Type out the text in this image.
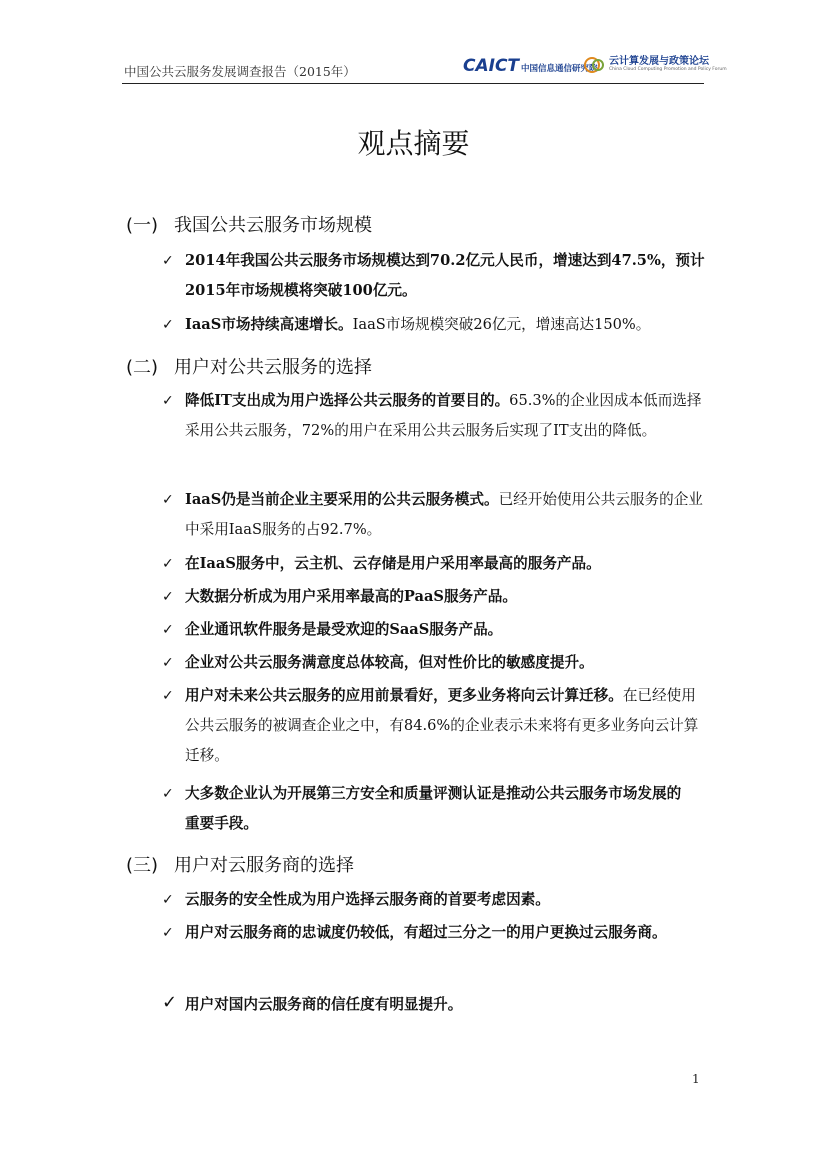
中国公共云服务发展调查报告（2015年）	CAICT 中国信息通信研究院
云计算发展与政策论坛
China Cloud Computing Promotion and Policy Forum
观点摘要
(一) 我国公共云服务市场规模
✓ 2014年我国公共云服务市场规模达到70.2亿元人民币，增速达到47.5%，预计2015年市场规模将突破100亿元。
✓ IaaS市场持续高速增长。IaaS市场规模突破26亿元，增速高达150%。
(二) 用户对公共云服务的选择
✓ 降低IT支出成为用户选择公共云服务的首要目的。65.3%的企业因成本低而选择采用公共云服务，72%的用户在采用公共云服务后实现了IT支出的降低。
✓ IaaS仍是当前企业主要采用的公共云服务模式。已经开始使用公共云服务的企业中采用IaaS服务的占92.7%。
✓ 在IaaS服务中，云主机、云存储是用户采用率最高的服务产品。
✓ 大数据分析成为用户采用率最高的PaaS服务产品。
✓ 企业通讯软件服务是最受欢迎的SaaS服务产品。
✓ 企业对公共云服务满意度总体较高，但对性价比的敏感度提升。
✓ 用户对未来公共云服务的应用前景看好，更多业务将向云计算迁移。在已经使用公共云服务的被调查企业之中，有84.6%的企业表示未来将有更多业务向云计算迁移。
✓ 大多数企业认为开展第三方安全和质量评测认证是推动公共云服务市场发展的重要手段。
(三) 用户对云服务商的选择
✓ 云服务的安全性成为用户选择云服务商的首要考虑因素。
✓ 用户对云服务商的忠诚度仍较低，有超过三分之一的用户更换过云服务商。
✓ 用户对国内云服务商的信任度有明显提升。
1
